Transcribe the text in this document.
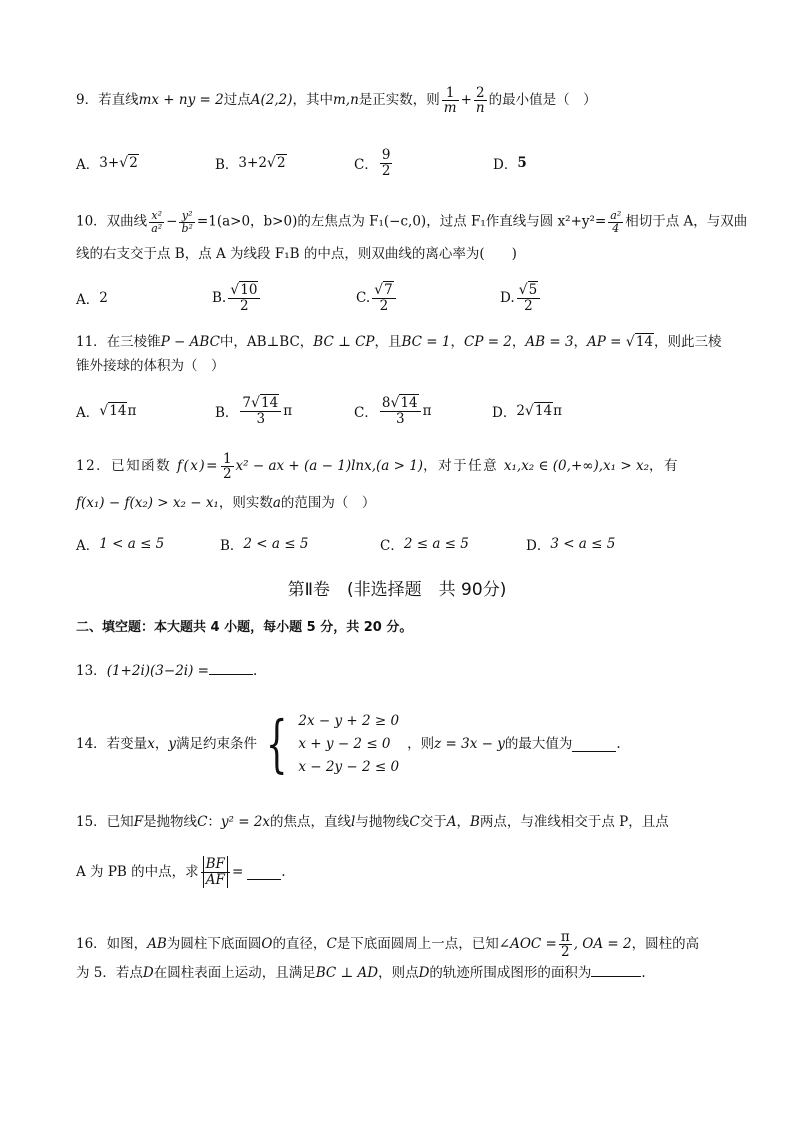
9．若直线mx + ny = 2过点A(2,2)，其中m,n是正实数，则 $\frac{1}{m} + \frac{2}{n}$ 的最小值是（　）
A． 3+ √2	B． 3+2 √2	C． $\frac{9}{2}$	D． 5
10．双曲线 $\frac{\text{x²}}{\text{a²}} - \frac{\text{y²}}{\text{b²}} =1(a>0$，b>0)的左焦点为 F₁(−c,0)，过点 F₁作直线与圆 $x^2+y^2= \frac{\text{a²}}{4}$ 相切于点 A，与双曲
线的右支交于点 B，点 A 为线段 F₁B 的中点，则双曲线的离心率为(　　)
A． 2	B. $\frac{√10}{2}$	C. $\frac{√7}{2}$	D. $\frac{√5}{2}$
11．在三棱锥P − ABC中，AB⊥BC，BC ⊥ CP，且BC = 1，CP = 2，AB = 3，AP = √14，则此三棱
锥外接球的体积为（　）
A． √14 π	B． $\frac{7√14}{3}$ π	C． $\frac{8√14}{3}$ π	D． 2 √14 π
12．已知函数 $f(x)= \frac{1}{2} x^2$ − ax + (a − 1)lnx,(a > 1)，对于任意 x₁,x₂ ∈ (0,+∞),x₁ > x₂，有
f(x₁) − f(x₂) > x₂ − x₁，则实数a的范围为（　）
A． 1 < a ≤ 5	B． 2 < a ≤ 5	C． 2 ≤ a ≤ 5	D． 3 < a ≤ 5
第Ⅱ卷　(非选择题　共 90分)
二、填空题：本大题共 4 小题，每小题 5 分，共 20 分。
13．(1+2i)(3−2i) =	.
14．若变量 x ， y 满足约束条件 { 2x − y + 2 ≥ 0
x + y − 2 ≤ 0
x − 2y − 2 ≤ 0
，则 z = 3x − y 的最大值为	.
15．已知F是抛物线C：y² = 2x的焦点，直线l与抛物线C交于A，B两点，与准线相交于点 P，且点
A 为 PB 的中点，求 $\frac{BF}{AF}$ =	.
16．如图，AB为圆柱下底面圆O的直径，C是下底面圆周上一点，已知∠AOC = $\frac{\pi}{2}$ , OA = 2，圆柱的高
为 5．若点D在圆柱表面上运动，且满足BC ⊥ AD，则点D的轨迹所围成图形的面积为	.
